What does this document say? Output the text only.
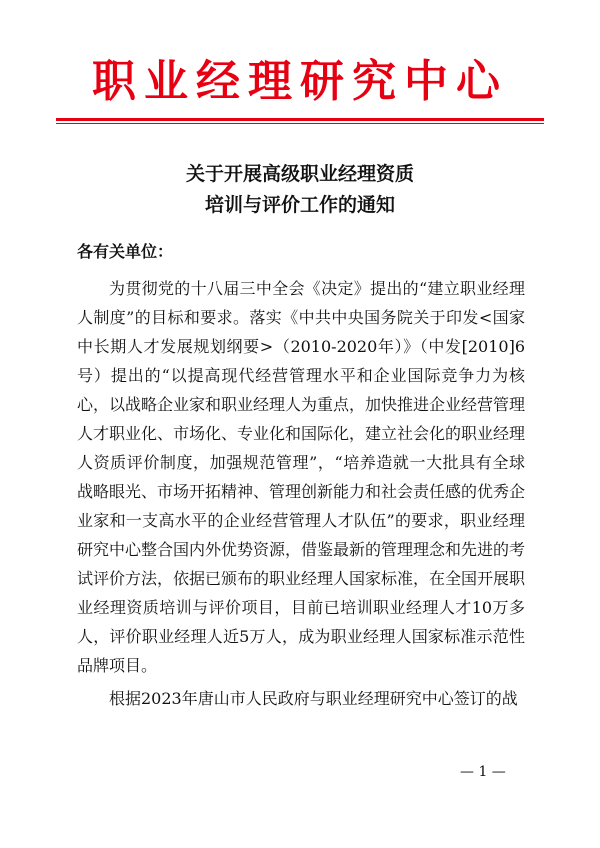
职业经理研究中心
关于开展高级职业经理资质
培训与评价工作的通知
各有关单位：

为贯彻党的十八届三中全会《决定》提出的“建立职业经理人制度”的目标和要求。落实《中共中央国务院关于印发<国家中长期人才发展规划纲要>（2010-2020年）》（中发[2010]6号）提出的“以提高现代经营管理水平和企业国际竞争力为核心，以战略企业家和职业经理人为重点，加快推进企业经营管理人才职业化、市场化、专业化和国际化，建立社会化的职业经理人资质评价制度，加强规范管理”，“培养造就一大批具有全球战略眼光、市场开拓精神、管理创新能力和社会责任感的优秀企业家和一支高水平的企业经营管理人才队伍”的要求，职业经理研究中心整合国内外优势资源，借鉴最新的管理理念和先进的考试评价方法，依据已颁布的职业经理人国家标准，在全国开展职业经理资质培训与评价项目，目前已培训职业经理人才10万多人，评价职业经理人近5万人，成为职业经理人国家标准示范性品牌项目。

根据2023年唐山市人民政府与职业经理研究中心签订的战

— 1 —
